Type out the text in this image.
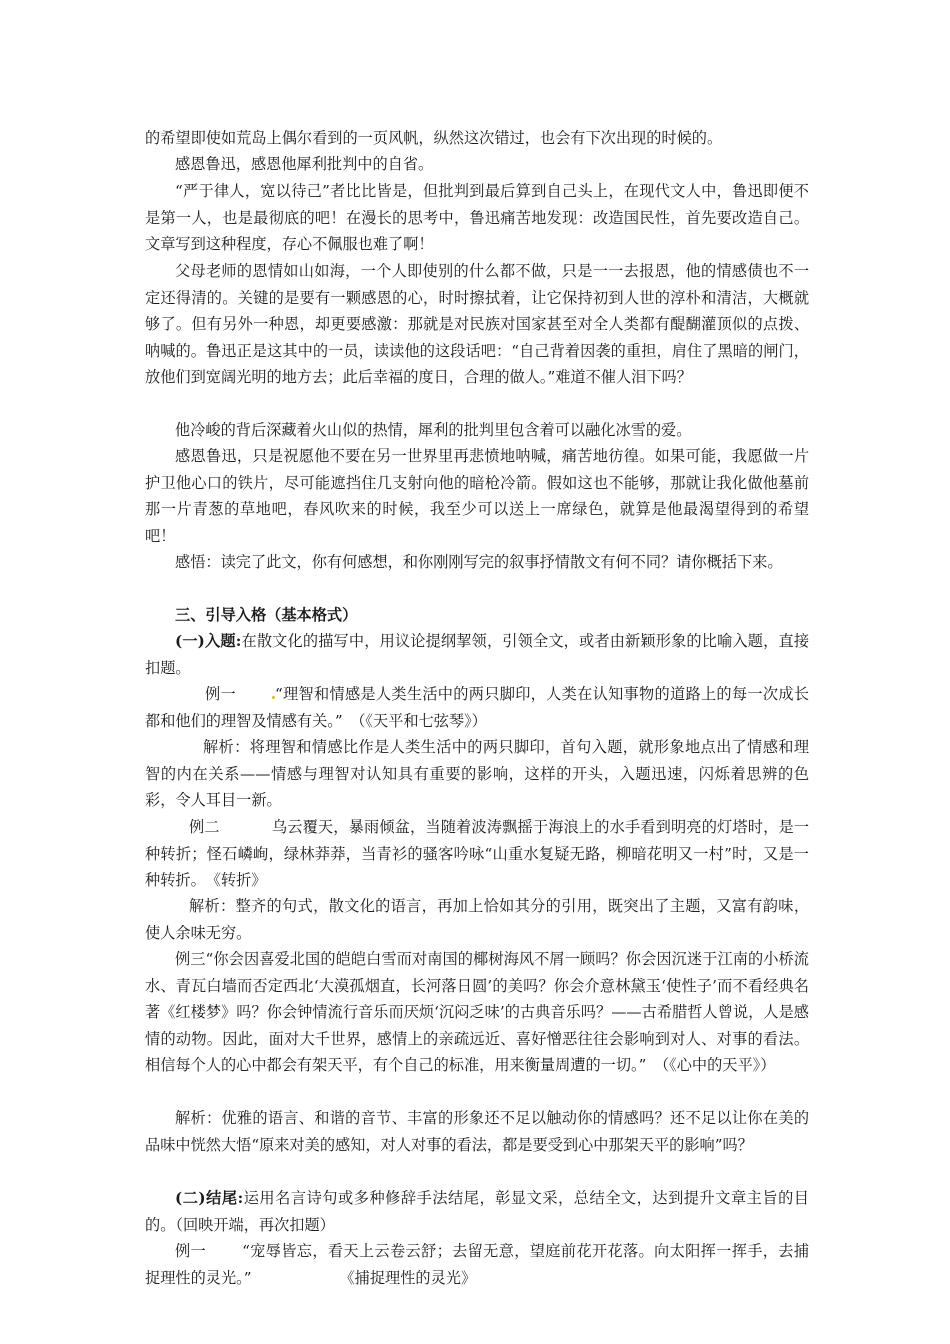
的希望即使如荒岛上偶尔看到的一页风帆，纵然这次错过，也会有下次出现的时候的。

感恩鲁迅，感恩他犀利批判中的自省。

“严于律人，宽以待己”者比比皆是，但批判到最后算到自己头上，在现代文人中，鲁迅即便不是第一人，也是最彻底的吧！在漫长的思考中，鲁迅痛苦地发现：改造国民性，首先要改造自己。文章写到这种程度，存心不佩服也难了啊！

父母老师的恩情如山如海，一个人即使别的什么都不做，只是一一去报恩，他的情感债也不一定还得清的。关键的是要有一颗感恩的心，时时擦拭着，让它保持初到人世的淳朴和清洁，大概就够了。但有另外一种恩，却更要感激：那就是对民族对国家甚至对全人类都有醍醐灌顶似的点拨、呐喊的。鲁迅正是这其中的一员，读读他的这段话吧：“自己背着因袭的重担，肩住了黑暗的闸门，放他们到宽阔光明的地方去；此后幸福的度日，合理的做人。”难道不催人泪下吗？

他冷峻的背后深藏着火山似的热情，犀利的批判里包含着可以融化冰雪的爱。

感恩鲁迅，只是祝愿他不要在另一世界里再悲愤地呐喊，痛苦地彷徨。如果可能，我愿做一片护卫他心口的铁片，尽可能遮挡住几支射向他的暗枪冷箭。假如这也不能够，那就让我化做他墓前那一片青葱的草地吧，春风吹来的时候，我至少可以送上一席绿色，就算是他最渴望得到的希望吧！

感悟：读完了此文，你有何感想，和你刚刚写完的叙事抒情散文有何不同？请你概括下来。

三、引导入格（基本格式）

(一)入题:在散文化的描写中，用议论提纲挈领，引领全文，或者由新颖形象的比喻入题，直接扣题。

例一	“理智和情感是人类生活中的两只脚印，人类在认知事物的道路上的每一次成长都和他们的理智及情感有关。”　（《天平和七弦琴》）

解析：将理智和情感比作是人类生活中的两只脚印，首句入题，就形象地点出了情感和理智的内在关系——情感与理智对认知具有重要的影响，这样的开头，入题迅速，闪烁着思辨的色彩，令人耳目一新。

例二	乌云覆天，暴雨倾盆，当随着波涛飘摇于海浪上的水手看到明亮的灯塔时，是一种转折；怪石嶙峋，绿林莽莽，当青衫的骚客吟咏“山重水复疑无路，柳暗花明又一村”时，又是一种转折。　《转折》

解析：整齐的句式，散文化的语言，再加上恰如其分的引用，既突出了主题，又富有韵味，使人余味无穷。

例三“你会因喜爱北国的皑皑白雪而对南国的椰树海风不屑一顾吗？你会因沉迷于江南的小桥流水、青瓦白墙而否定西北‘大漠孤烟直，长河落日圆’的美吗？你会介意林黛玉‘使性子’而不看经典名著《红楼梦》吗？你会钟情流行音乐而厌烦‘沉闷乏味’的古典音乐吗？——古希腊哲人曾说，人是感情的动物。因此，面对大千世界，感情上的亲疏远近、喜好憎恶往往会影响到对人、对事的看法。相信每个人的心中都会有架天平，有个自己的标准，用来衡量周遭的一切。”　（《心中的天平》）

解析：优雅的语言、和谐的音节、丰富的形象还不足以触动你的情感吗？还不足以让你在美的品味中恍然大悟“原来对美的感知，对人对事的看法，都是要受到心中那架天平的影响”吗？

(二)结尾:运用名言诗句或多种修辞手法结尾，彰显文采，总结全文，达到提升文章主旨的目的。（回映开端，再次扣题）

例一 “宠辱皆忘，看天上云卷云舒；去留无意，望庭前花开花落。向太阳挥一挥手，去捕捉理性的灵光。”	《捕捉理性的灵光》
